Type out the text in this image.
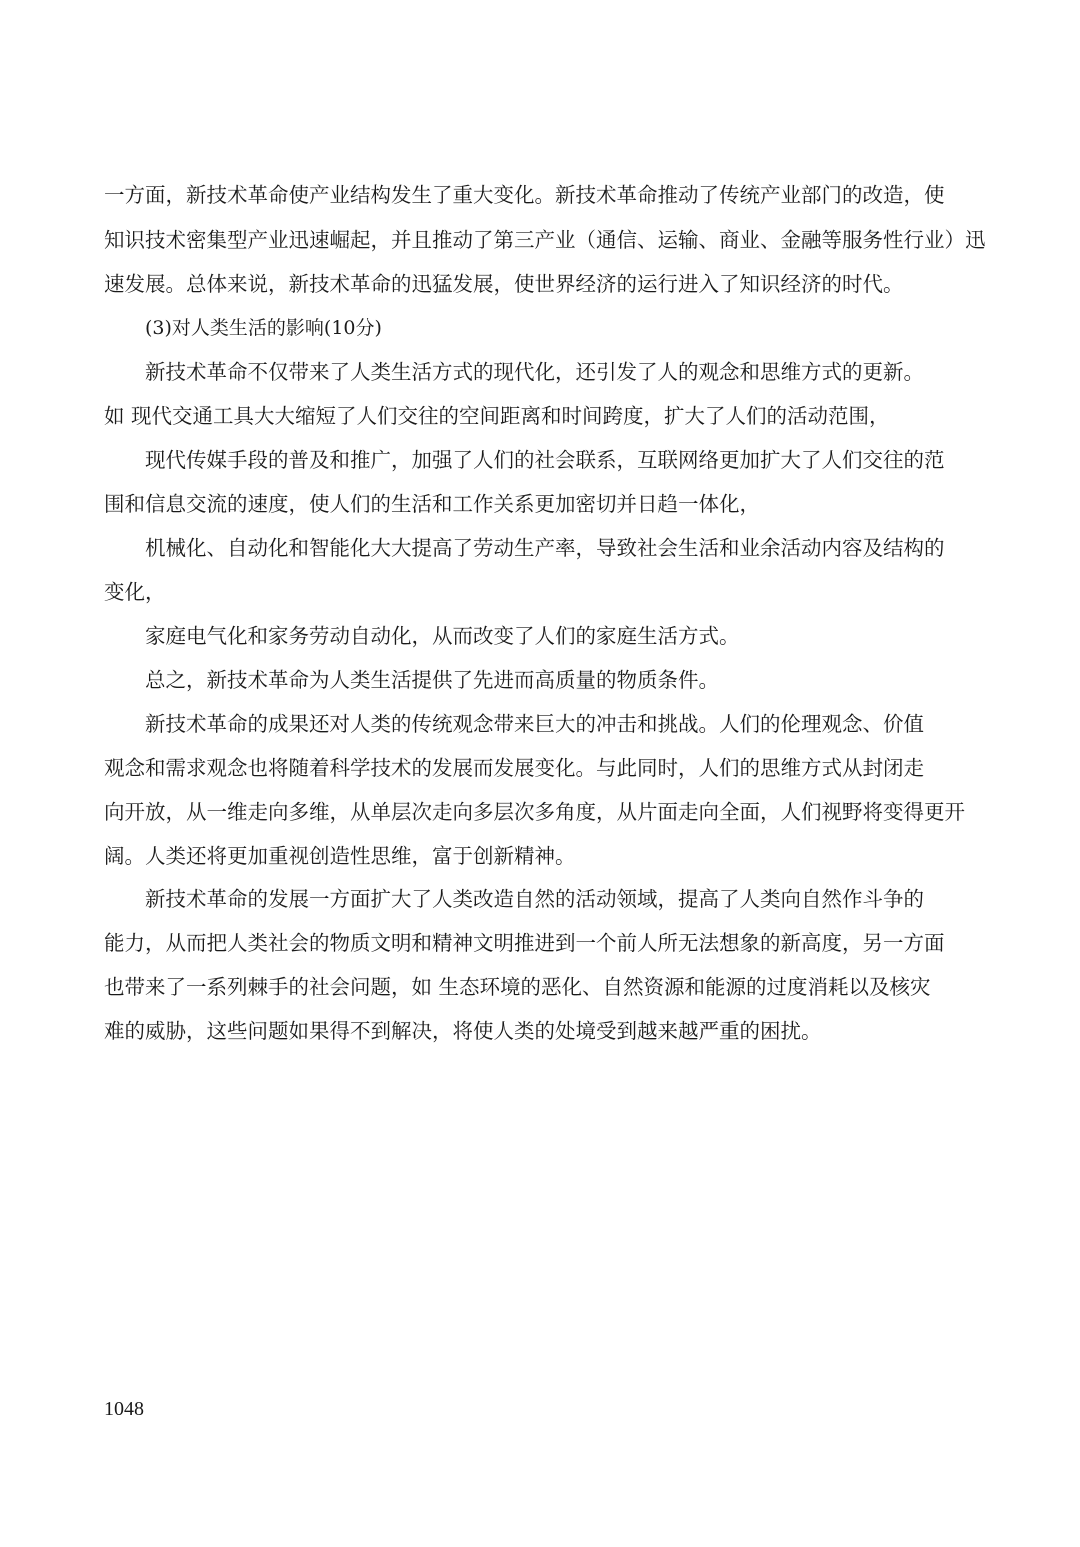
一方面，新技术革命使产业结构发生了重大变化。新技术革命推动了传统产业部门的改造，使
知识技术密集型产业迅速崛起，并且推动了第三产业（通信、运输、商业、金融等服务性行业）迅
速发展。总体来说，新技术革命的迅猛发展，使世界经济的运行进入了知识经济的时代。
(3)对人类生活的影响(10分)
新技术革命不仅带来了人类生活方式的现代化，还引发了人的观念和思维方式的更新。
如 现代交通工具大大缩短了人们交往的空间距离和时间跨度，扩大了人们的活动范围，
现代传媒手段的普及和推广，加强了人们的社会联系，互联网络更加扩大了人们交往的范
围和信息交流的速度，使人们的生活和工作关系更加密切并日趋一体化，
机械化、自动化和智能化大大提高了劳动生产率，导致社会生活和业余活动内容及结构的
变化，
家庭电气化和家务劳动自动化，从而改变了人们的家庭生活方式。
总之，新技术革命为人类生活提供了先进而高质量的物质条件。
新技术革命的成果还对人类的传统观念带来巨大的冲击和挑战。人们的伦理观念、价值
观念和需求观念也将随着科学技术的发展而发展变化。与此同时，人们的思维方式从封闭走
向开放，从一维走向多维，从单层次走向多层次多角度，从片面走向全面，人们视野将变得更开
阔。人类还将更加重视创造性思维，富于创新精神。
新技术革命的发展一方面扩大了人类改造自然的活动领域，提高了人类向自然作斗争的
能力，从而把人类社会的物质文明和精神文明推进到一个前人所无法想象的新高度，另一方面
也带来了一系列棘手的社会问题，如 生态环境的恶化、自然资源和能源的过度消耗以及核灾
难的威胁，这些问题如果得不到解决，将使人类的处境受到越来越严重的困扰。
1048
